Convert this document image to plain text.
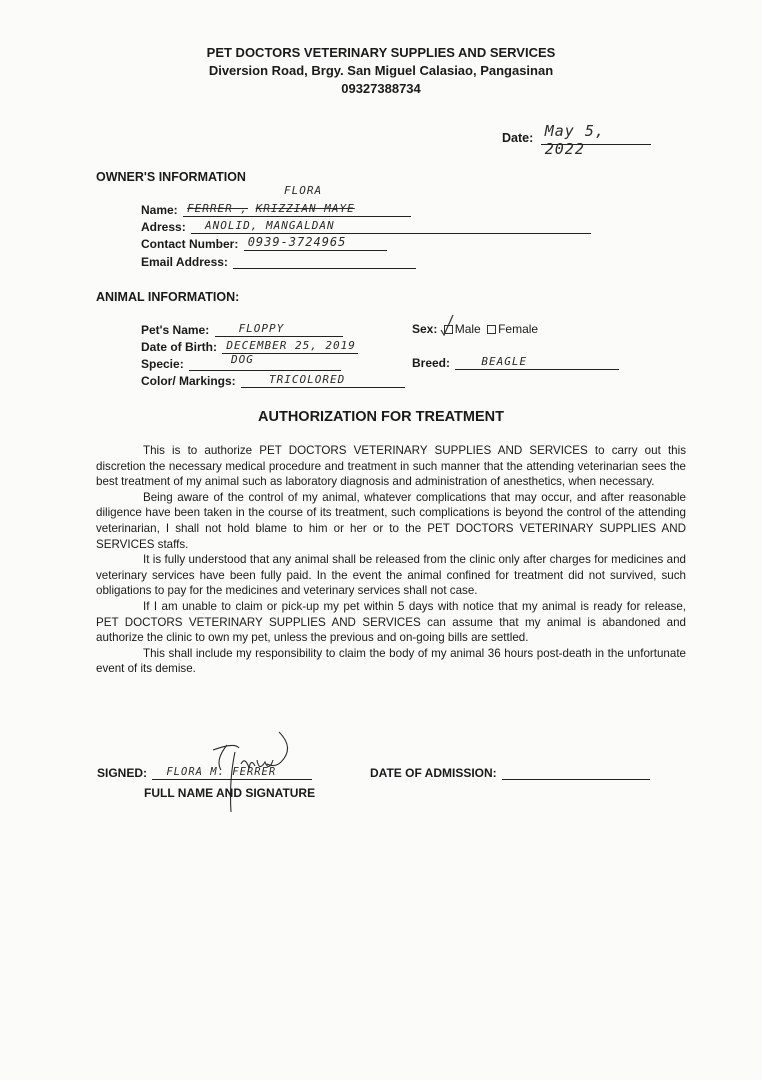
PET DOCTORS VETERINARY SUPPLIES AND SERVICES
Diversion Road, Brgy. San Miguel Calasiao, Pangasinan
09327388734
Date: May 5, 2022
OWNER'S INFORMATION
FLORA
Name: FERRER , KRIZZIAN MAYE
Adress: ANOLID, MANGALDAN
Contact Number: 0939-3724965
Email Address:
ANIMAL INFORMATION:
Pet's Name:	FLOPPY
Date of Birth: DECEMBER 25, 2019
Specie:	DOG
Color/ Markings:	TRICOLORED
Sex: Male Female
Breed:	BEAGLE
AUTHORIZATION FOR TREATMENT

This is to authorize PET DOCTORS VETERINARY SUPPLIES AND SERVICES to carry out this discretion the necessary medical procedure and treatment in such manner that the attending veterinarian sees the best treatment of my animal such as laboratory diagnosis and administration of anesthetics, when necessary.

Being aware of the control of my animal, whatever complications that may occur, and after reasonable diligence have been taken in the course of its treatment, such complications is beyond the control of the attending veterinarian, I shall not hold blame to him or her or to the PET DOCTORS VETERINARY SUPPLIES AND SERVICES staffs.

It is fully understood that any animal shall be released from the clinic only after charges for medicines and veterinary services have been fully paid. In the event the animal confined for treatment did not survived, such obligations to pay for the medicines and veterinary services shall not case.

If I am unable to claim or pick-up my pet within 5 days with notice that my animal is ready for release, PET DOCTORS VETERINARY SUPPLIES AND SERVICES can assume that my animal is abandoned and authorize the clinic to own my pet, unless the previous and on-going bills are settled.

This shall include my responsibility to claim the body of my animal 36 hours post-death in the unfortunate event of its demise.

SIGNED: FLORA M. FERRER
FULL NAME AND SIGNATURE
DATE OF ADMISSION:
